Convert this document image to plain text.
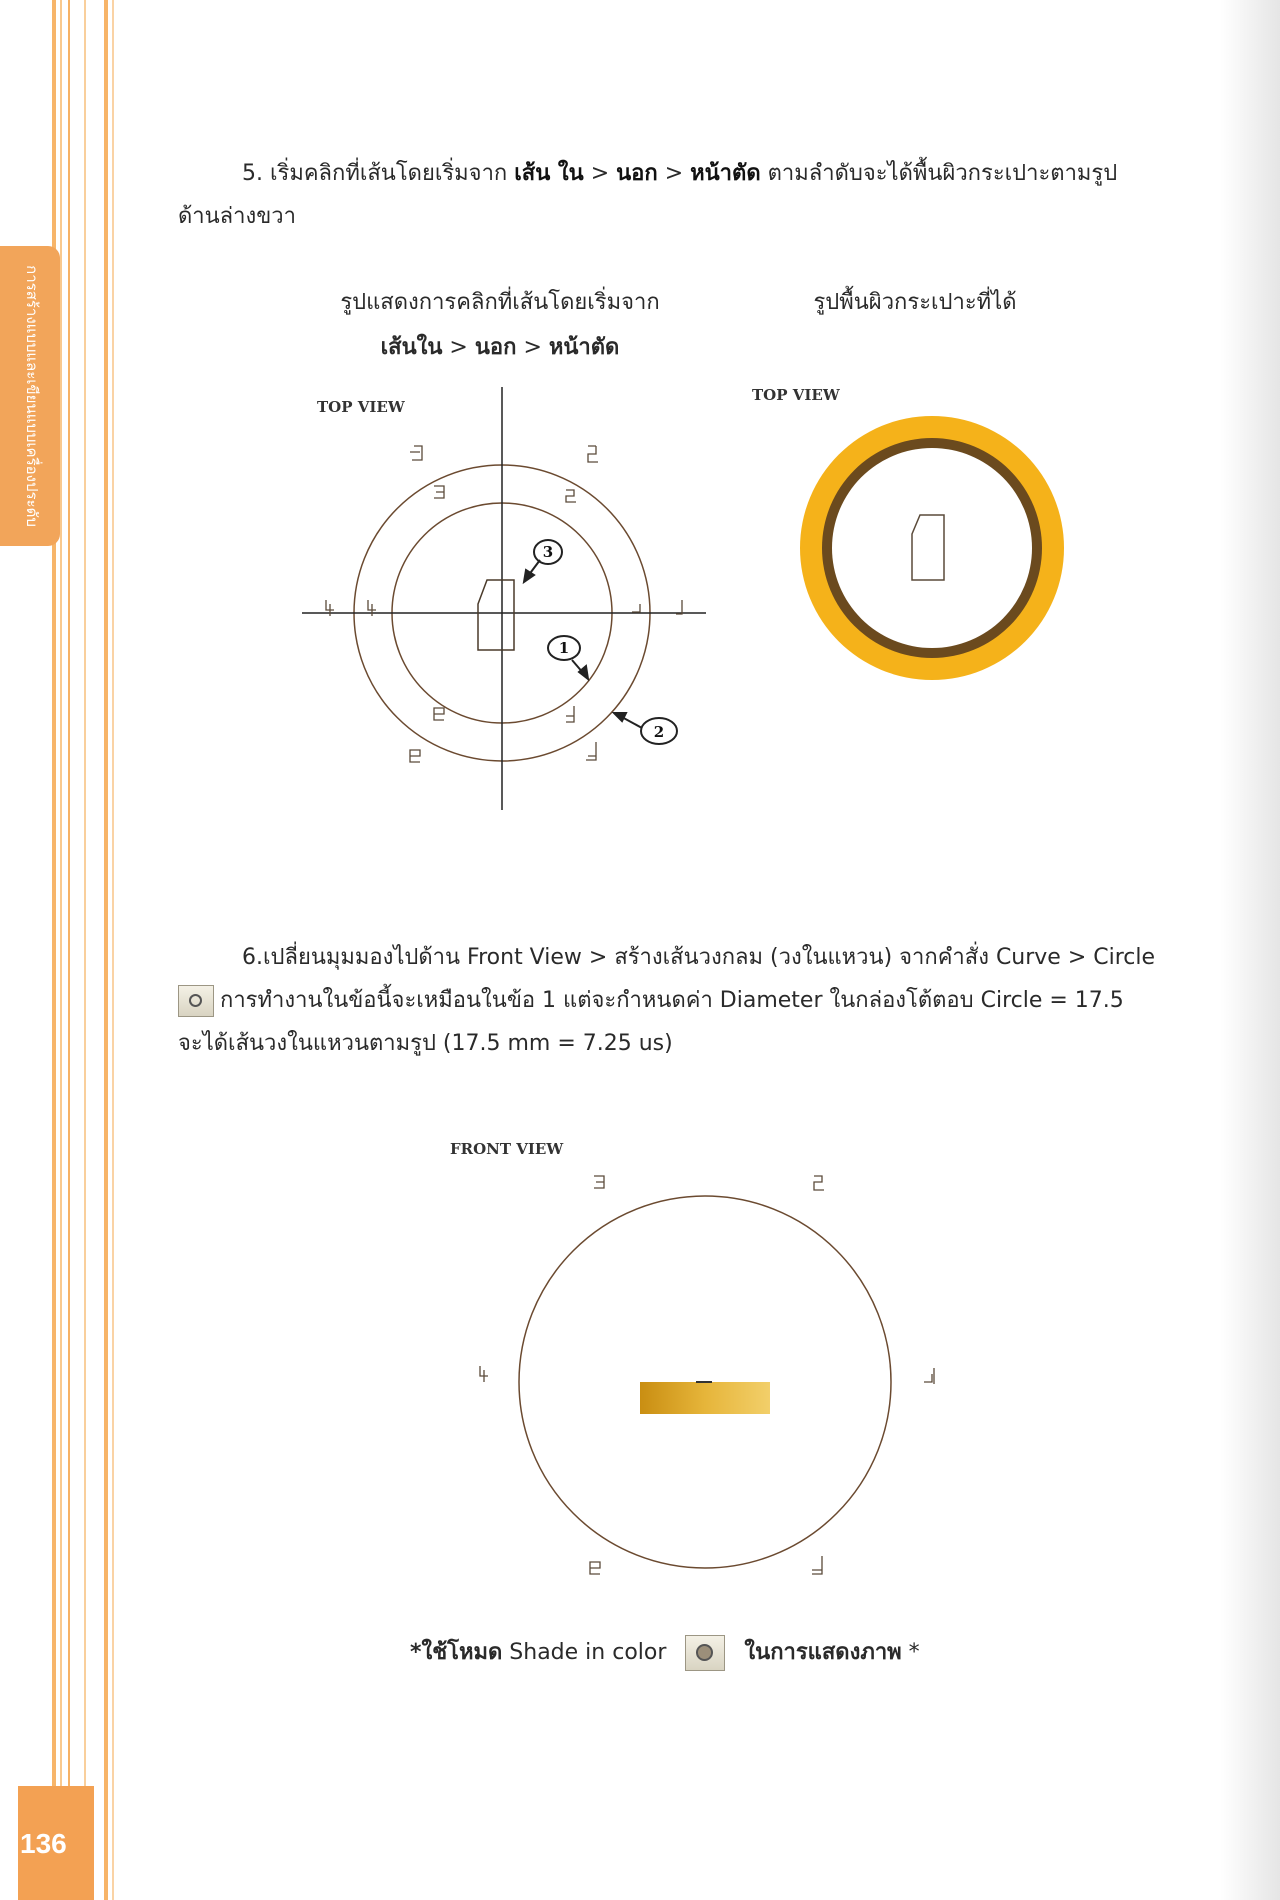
การสร้างแบบและเขียนแบบเครื่องประดับ
136
5. เริ่มคลิกที่เส้นโดยเริ่มจาก เส้น ใน > นอก > หน้าตัด ตามลำดับจะได้พื้นผิวกระเปาะตามรูป
ด้านล่างขวา
รูปแสดงการคลิกที่เส้นโดยเริ่มจาก
เส้นใน > นอก > หน้าตัด
รูปพื้นผิวกระเปาะที่ได้
TOP VIEW
TOP VIEW
3
1
2
6.เปลี่ยนมุมมองไปด้าน Front View > สร้างเส้นวงกลม (วงในแหวน) จากคำสั่ง Curve > Circle

การทำงานในข้อนี้จะเหมือนในข้อ 1 แต่จะกำหนดค่า Diameter ในกล่องโต้ตอบ Circle = 17.5
จะได้เส้นวงในแหวนตามรูป (17.5 mm = 7.25 us)
FRONT VIEW
*ใช้โหมด Shade in color	ในการแสดงภาพ *
